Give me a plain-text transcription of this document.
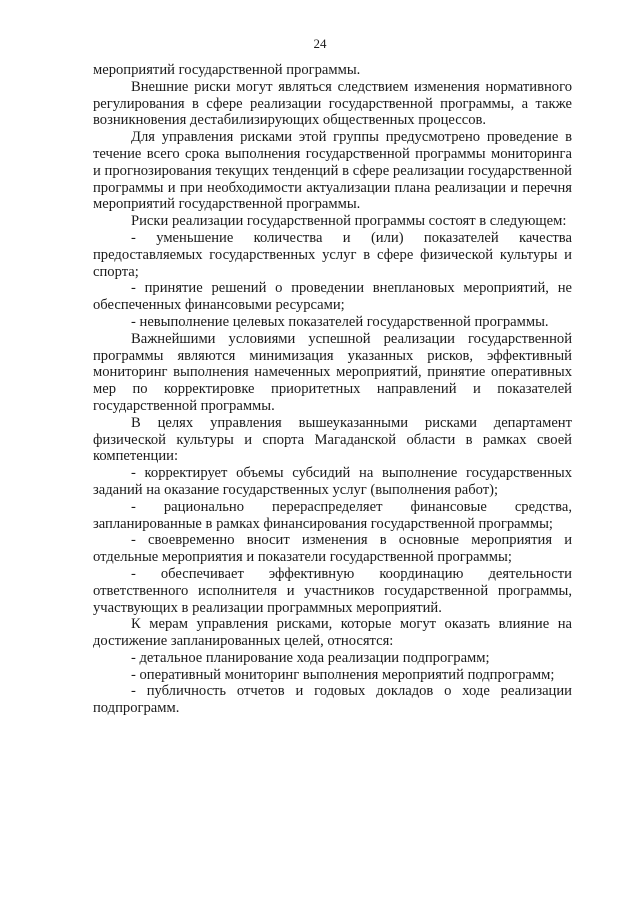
24

мероприятий государственной программы.

Внешние риски могут являться следствием изменения нормативного регулирования в сфере реализации государственной программы, а также возникновения дестабилизирующих общественных процессов.

Для управления рисками этой группы предусмотрено проведение в течение всего срока выполнения государственной программы мониторинга и прогнозирования текущих тенденций в сфере реализации государственной программы и при необходимости актуализации плана реализации и перечня мероприятий государственной программы.

Риски реализации государственной программы состоят в следующем:

- уменьшение количества и (или) показателей качества предоставляемых государственных услуг в сфере физической культуры и спорта;

- принятие решений о проведении внеплановых мероприятий, не обеспеченных финансовыми ресурсами;

- невыполнение целевых показателей государственной программы.

Важнейшими условиями успешной реализации государственной программы являются минимизация указанных рисков, эффективный мониторинг выполнения намеченных мероприятий, принятие оперативных мер по корректировке приоритетных направлений и показателей государственной программы.

В целях управления вышеуказанными рисками департамент физической культуры и спорта Магаданской области в рамках своей компетенции:

- корректирует объемы субсидий на выполнение государственных заданий на оказание государственных услуг (выполнения работ);

- рационально перераспределяет финансовые средства, запланированные в рамках финансирования государственной программы;

- своевременно вносит изменения в основные мероприятия и отдельные мероприятия и показатели государственной программы;

- обеспечивает эффективную координацию деятельности ответственного исполнителя и участников государственной программы, участвующих в реализации программных мероприятий.

К мерам управления рисками, которые могут оказать влияние на достижение запланированных целей, относятся:

- детальное планирование хода реализации подпрограмм;

- оперативный мониторинг выполнения мероприятий подпрограмм;

- публичность отчетов и годовых докладов о ходе реализации подпрограмм.
